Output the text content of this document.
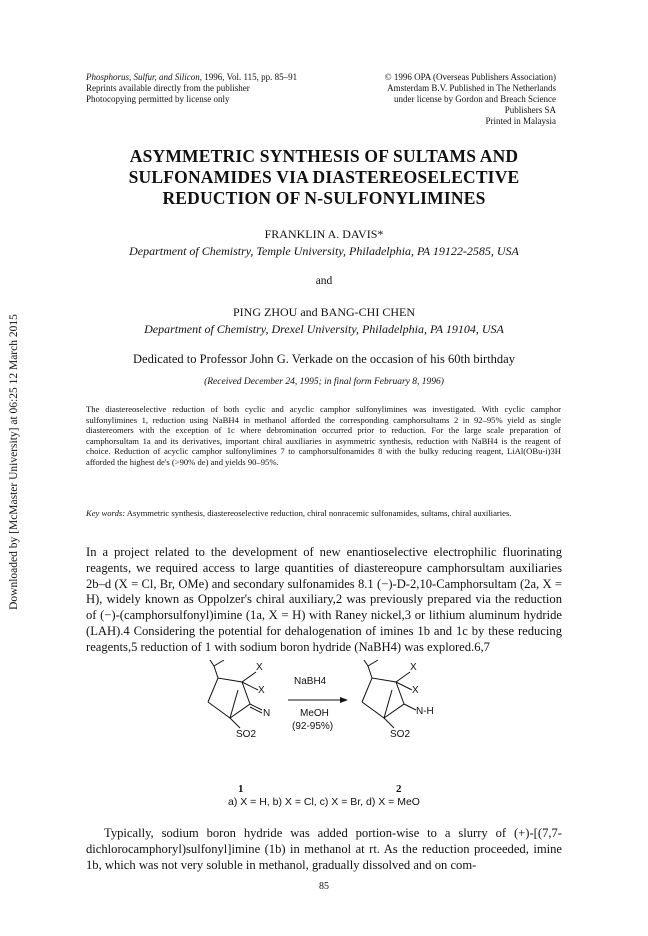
Downloaded by [McMaster University] at 06:25 12 March 2015
Phosphorus, Sulfur, and Silicon, 1996, Vol. 115, pp. 85–91
Reprints available directly from the publisher
Photocopying permitted by license only
© 1996 OPA (Overseas Publishers Association)
Amsterdam B.V. Published in The Netherlands
under license by Gordon and Breach Science
Publishers SA
Printed in Malaysia
ASYMMETRIC SYNTHESIS OF SULTAMS AND
SULFONAMIDES VIA DIASTEREOSELECTIVE
REDUCTION OF N-SULFONYLIMINES
FRANKLIN A. DAVIS*
Department of Chemistry, Temple University, Philadelphia, PA 19122-2585, USA
and
PING ZHOU and BANG-CHI CHEN
Department of Chemistry, Drexel University, Philadelphia, PA 19104, USA
Dedicated to Professor John G. Verkade on the occasion of his 60th birthday
(Received December 24, 1995; in final form February 8, 1996)
The diastereoselective reduction of both cyclic and acyclic camphor sulfonylimines was investigated. With cyclic camphor sulfonylimines 1, reduction using NaBH4 in methanol afforded the corresponding camphorsultams 2 in 92–95% yield as single diastereomers with the exception of 1c where debromination occurred prior to reduction. For the large scale preparation of camphorsultam 1a and its derivatives, important chiral auxiliaries in asymmetric synthesis, reduction with NaBH4 is the reagent of choice. Reduction of acyclic camphor sulfonylimines 7 to camphorsulfonamides 8 with the bulky reducing reagent, LiAl(OBu-i)3H afforded the highest de's (>90% de) and yields 90–95%.
Key words: Asymmetric synthesis, diastereoselective reduction, chiral nonracemic sulfonamides, sultams, chiral auxiliaries.
In a project related to the development of new enantioselective electrophilic fluorinating reagents, we required access to large quantities of diastereopure camphorsultam auxiliaries 2b–d (X = Cl, Br, OMe) and secondary sulfonamides 8.1 (−)-D-2,10-Camphorsultam (2a, X = H), widely known as Oppolzer's chiral auxiliary,2 was previously prepared via the reduction of (−)-(camphorsulfonyl)imine (1a, X = H) with Raney nickel,3 or lithium aluminum hydride (LAH).4 Considering the potential for dehalogenation of imines 1b and 1c by these reducing reagents,5 reduction of 1 with sodium boron hydride (NaBH4) was explored.6,7
X
X
N
SO2
NaBH4
MeOH
(92-95%)
X
X
N-H
SO2
1	2
a) X = H, b) X = Cl, c) X = Br, d) X = MeO
Typically, sodium boron hydride was added portion-wise to a slurry of (+)-[(7,7-dichlorocamphoryl)sulfonyl]imine (1b) in methanol at rt. As the reduction proceeded, imine 1b, which was not very soluble in methanol, gradually dissolved and on com-
85
